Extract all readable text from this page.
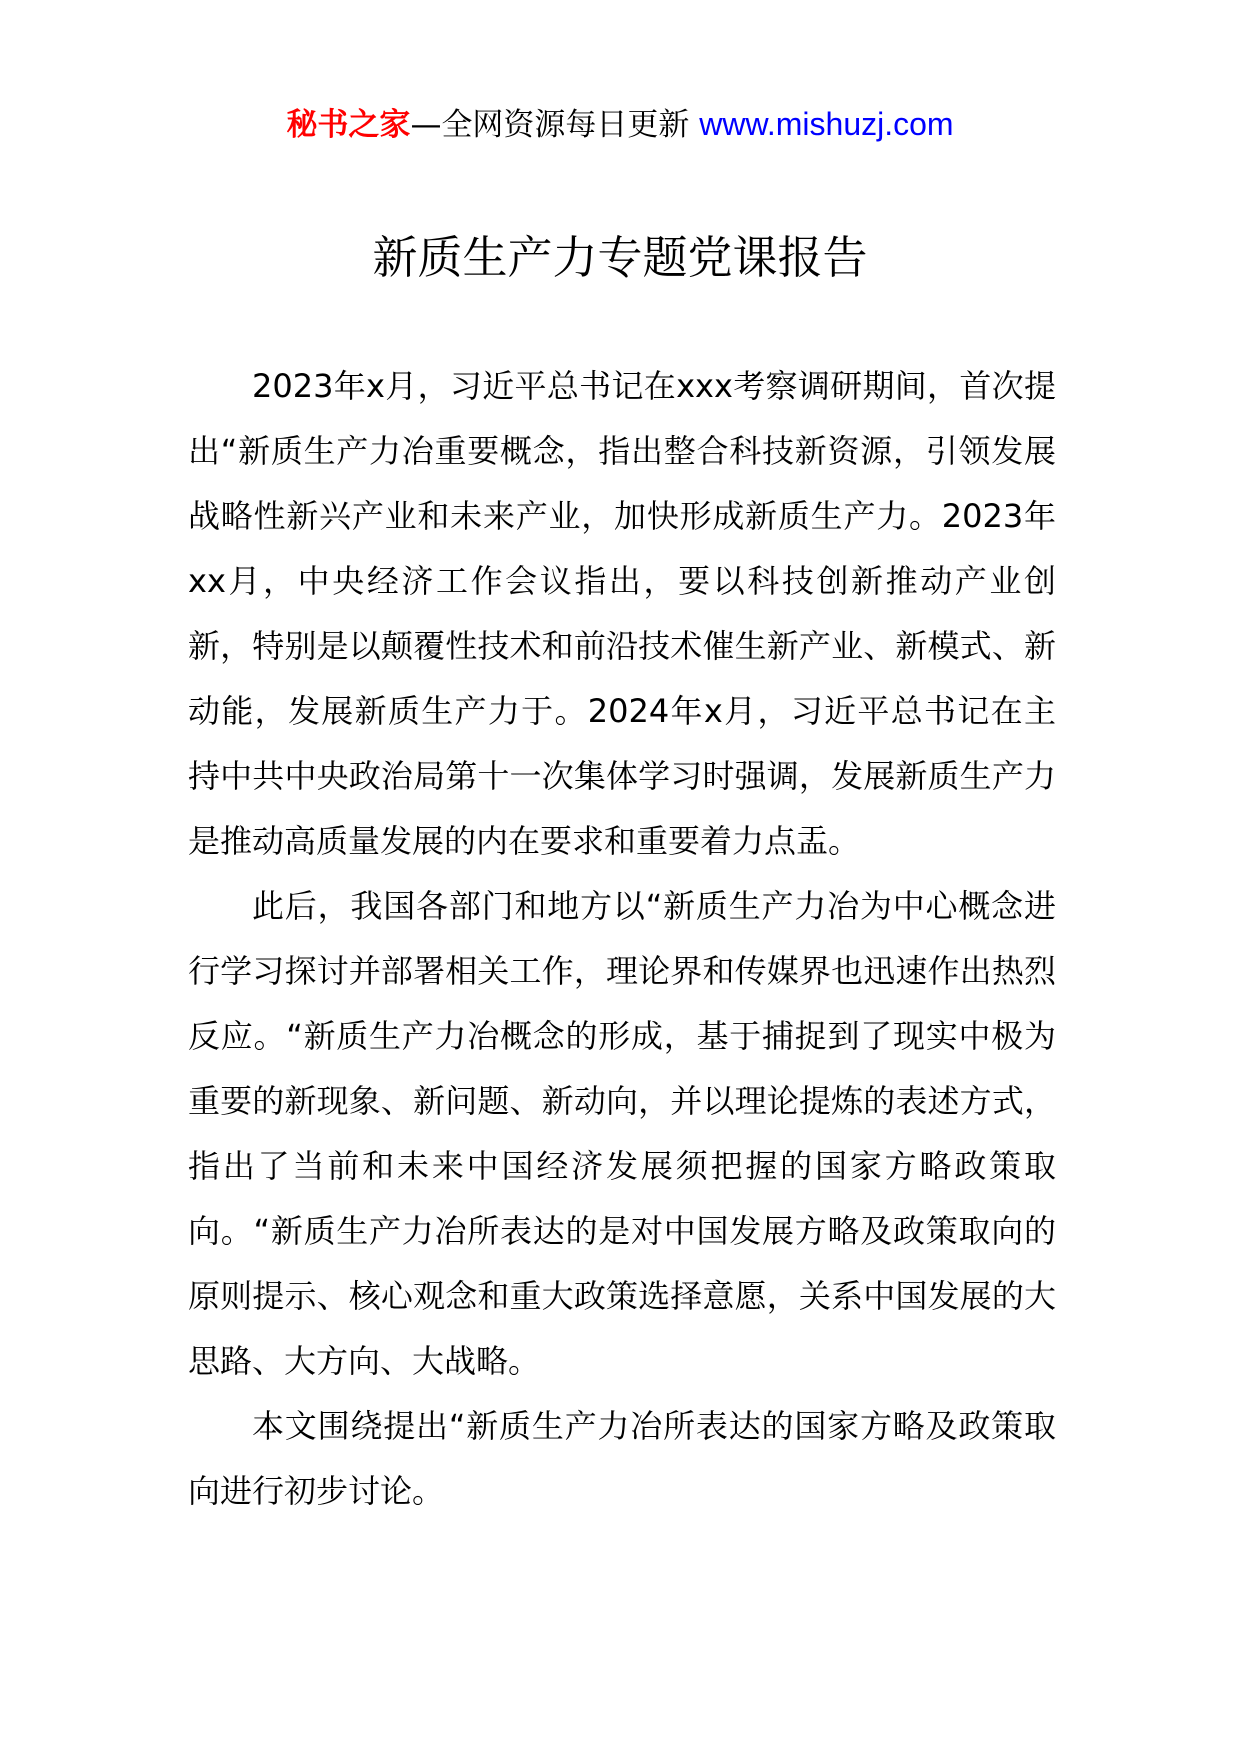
秘书之家—全网资源每日更新 www.mishuzj.com
新质生产力专题党课报告

2023年x月，习近平总书记在xxx考察调研期间，首次提出“新质生产力冶重要概念，指出整合科技新资源，引领发展战略性新兴产业和未来产业，加快形成新质生产力。2023年xx月，中央经济工作会议指出，要以科技创新推动产业创新，特别是以颠覆性技术和前沿技术催生新产业、新模式、新动能，发展新质生产力于。2024年x月，习近平总书记在主持中共中央政治局第十一次集体学习时强调，发展新质生产力是推动高质量发展的内在要求和重要着力点盂。

此后，我国各部门和地方以“新质生产力冶为中心概念进行学习探讨并部署相关工作，理论界和传媒界也迅速作出热烈反应。“新质生产力冶概念的形成，基于捕捉到了现实中极为重要的新现象、新问题、新动向，并以理论提炼的表述方式，指出了当前和未来中国经济发展须把握的国家方略政策取向。“新质生产力冶所表达的是对中国发展方略及政策取向的原则提示、核心观念和重大政策选择意愿，关系中国发展的大思路、大方向、大战略。

本文围绕提出“新质生产力冶所表达的国家方略及政策取向进行初步讨论。
